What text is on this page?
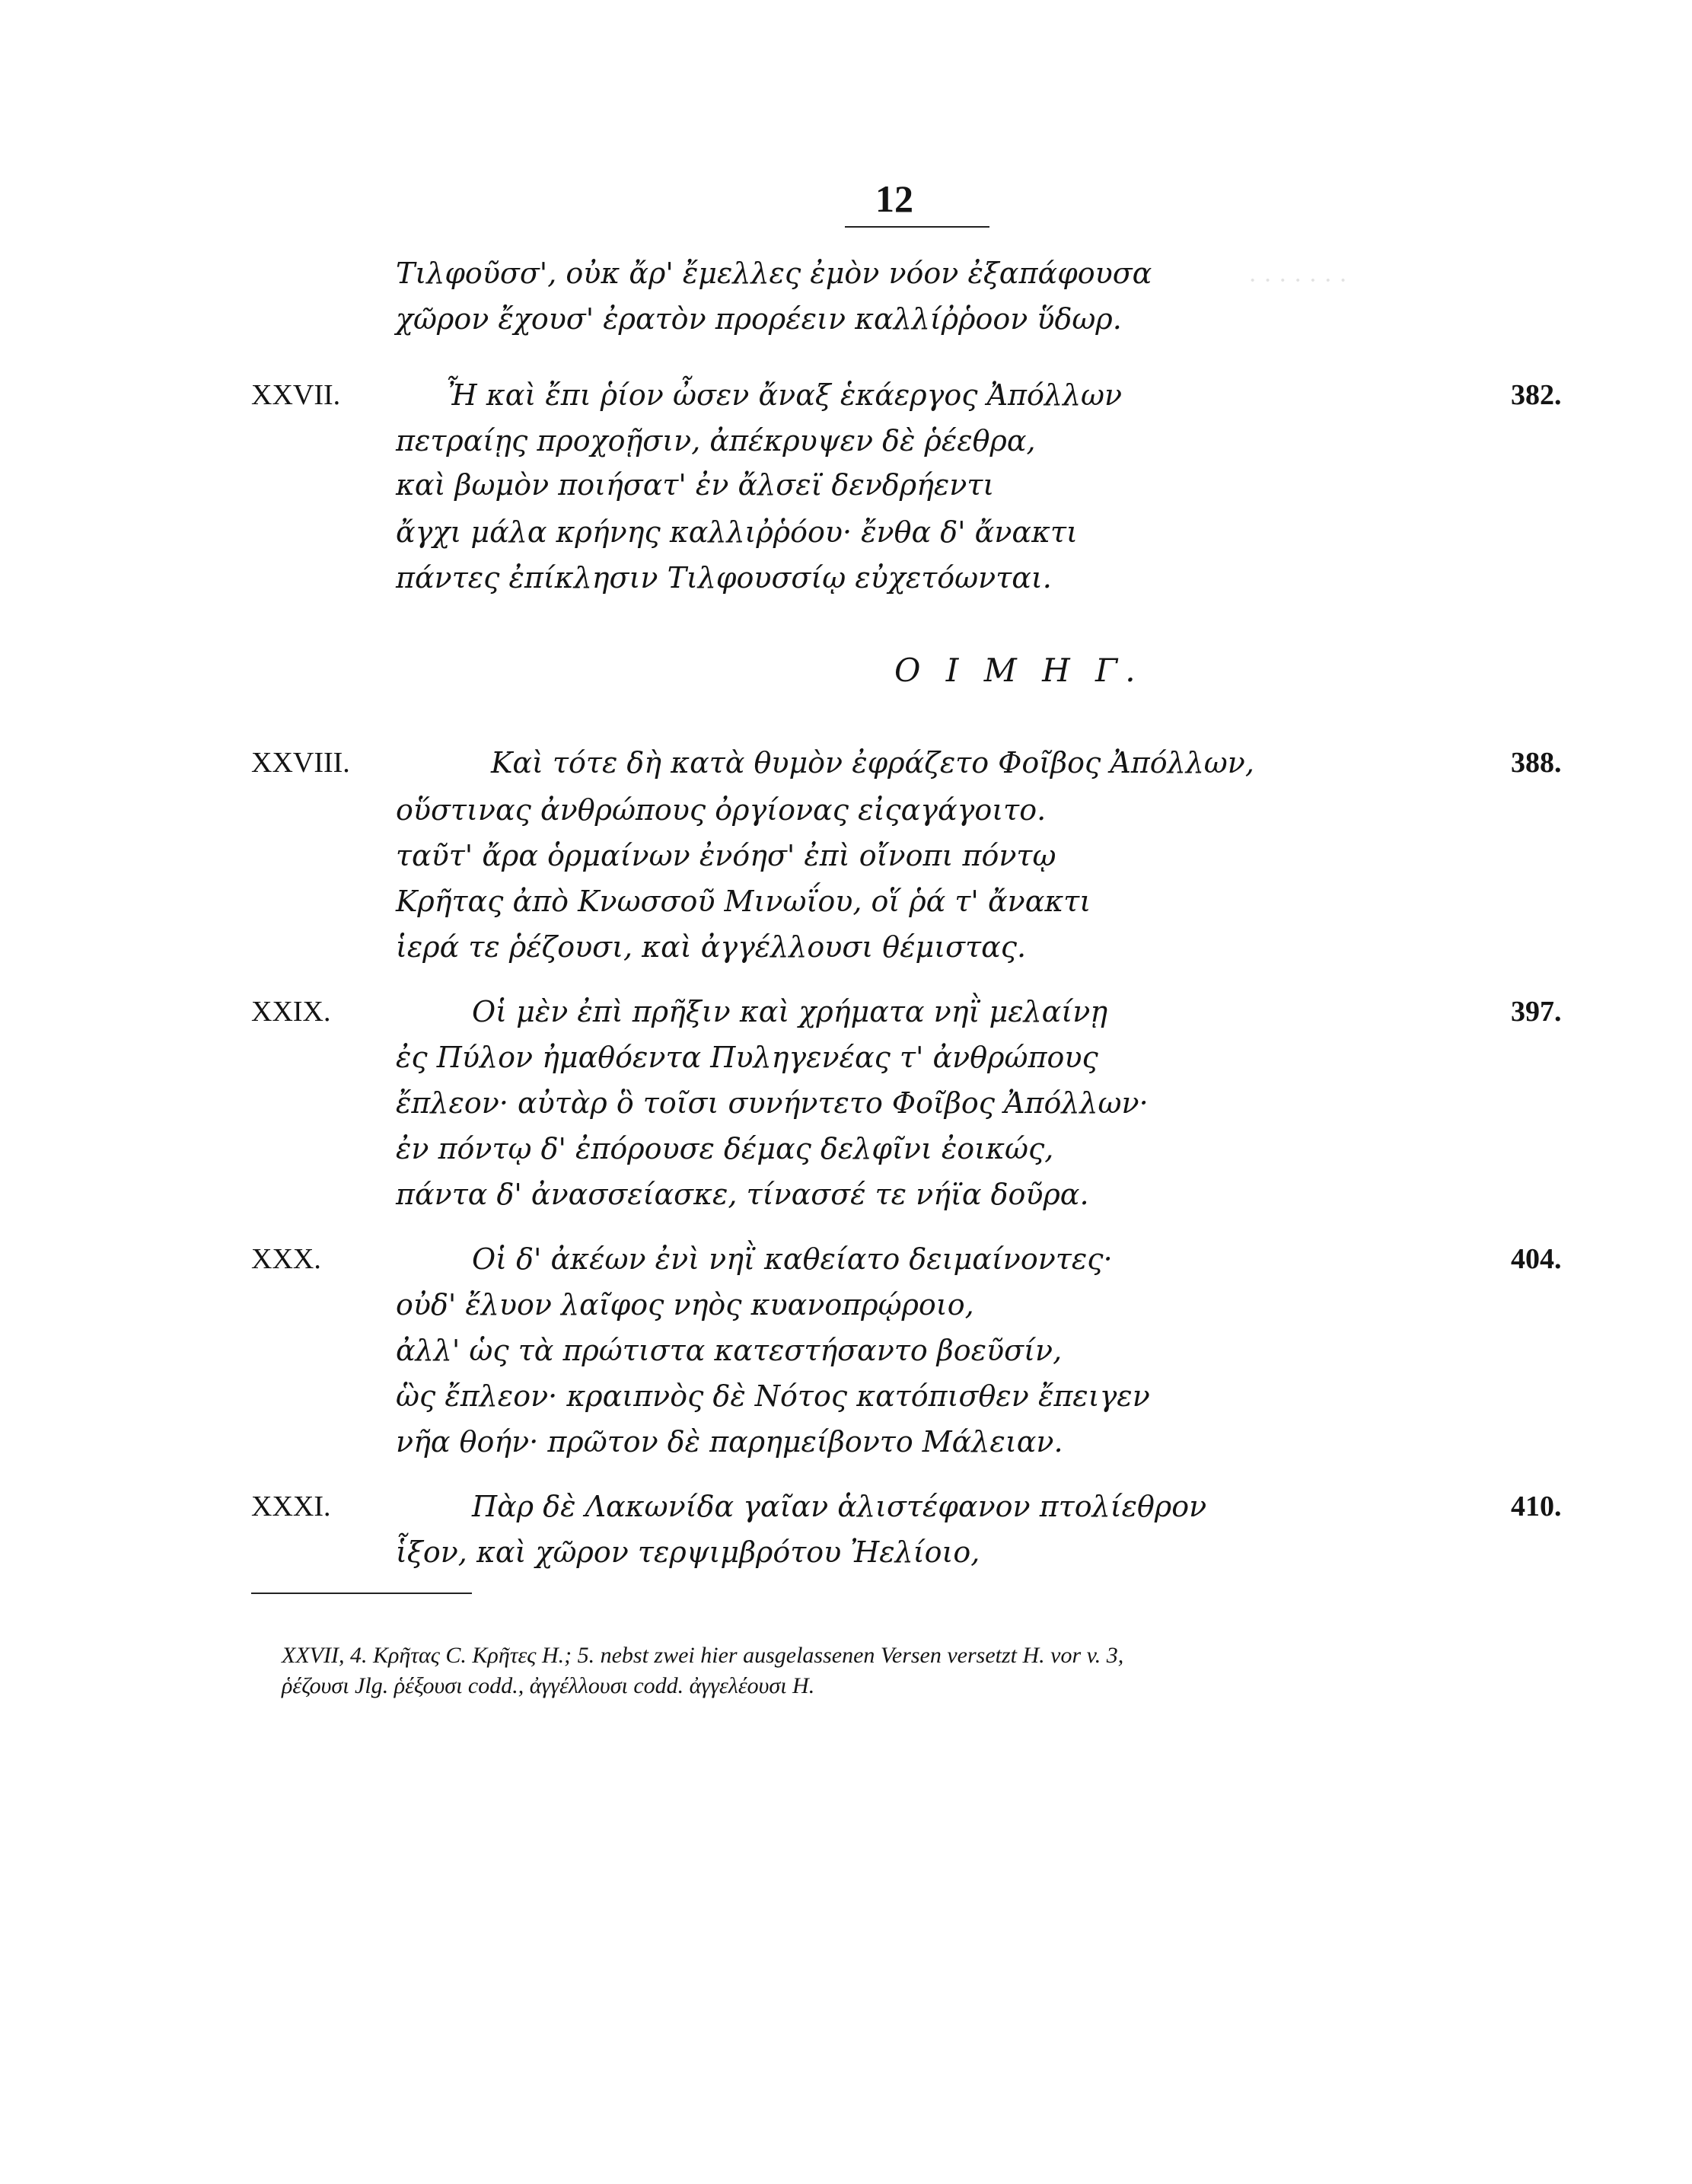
· · · · · · ·
12
Τιλφοῦσσ', οὐκ ἄρ' ἔμελλες ἐμὸν νόον ἐξαπάφουσα
χῶρον ἔχουσ' ἐρατὸν προρέειν καλλίῤῥοον ὕδωρ.
XXVII.	382.
Ἦ καὶ ἔπι ῥίον ὦσεν ἄναξ ἑκάεργος Ἀπόλλων
πετραίῃς προχοῇσιν, ἀπέκρυψεν δὲ ῥέεθρα,
καὶ βωμὸν ποιήσατ' ἐν ἄλσεϊ δενδρήεντι
ἄγχι μάλα κρήνης καλλιῤῥόου· ἔνθα δ' ἄνακτι
πάντες ἐπίκλησιν Τιλφουσσίῳ εὐχετόωνται.
Ο Ι Μ Η Γ.
XXVIII.	388.
Καὶ τότε δὴ κατὰ θυμὸν ἐφράζετο Φοῖβος Ἀπόλλων,
οὕστινας ἀνθρώπους ὀργίονας εἰςαγάγοιτο.
ταῦτ' ἄρα ὁρμαίνων ἐνόησ' ἐπὶ οἴνοπι πόντῳ
Κρῆτας ἀπὸ Κνωσσοῦ Μινωΐου, οἵ ῥά τ' ἄνακτι
ἱερά τε ῥέζουσι, καὶ ἀγγέλλουσι θέμιστας.
XXIX.	397.
Οἱ μὲν ἐπὶ πρῆξιν καὶ χρήματα νηῒ μελαίνῃ
ἐς Πύλον ἠμαθόεντα Πυληγενέας τ' ἀνθρώπους
ἔπλεον· αὐτὰρ ὃ τοῖσι συνήντετο Φοῖβος Ἀπόλλων·
ἐν πόντῳ δ' ἐπόρουσε δέμας δελφῖνι ἐοικώς,
πάντα δ' ἀνασσείασκε, τίνασσέ τε νήϊα δοῦρα.
XXX.	404.
Οἱ δ' ἀκέων ἐνὶ νηῒ καθείατο δειμαίνοντες·
οὐδ' ἔλυον λαῖφος νηὸς κυανοπρῴροιο,
ἀλλ' ὡς τὰ πρώτιστα κατεστήσαντο βοεῦσίν,
ὣς ἔπλεον· κραιπνὸς δὲ Νότος κατόπισθεν ἔπειγεν
νῆα θοήν· πρῶτον δὲ παρημείβοντο Μάλειαν.
XXXI.	410.
Πὰρ δὲ Λακωνίδα γαῖαν ἁλιστέφανον πτολίεθρον
ἷξον, καὶ χῶρον τερψιμβρότου Ἠελίοιο,
XXVII, 4. Κρῆτας C. Κρῆτες H.; 5. nebst zwei hier ausgelassenen Versen versetzt H. vor v. 3,
ῥέζουσι Jlg. ῥέξουσι codd., ἀγγέλλουσι codd. ἀγγελέουσι H.
